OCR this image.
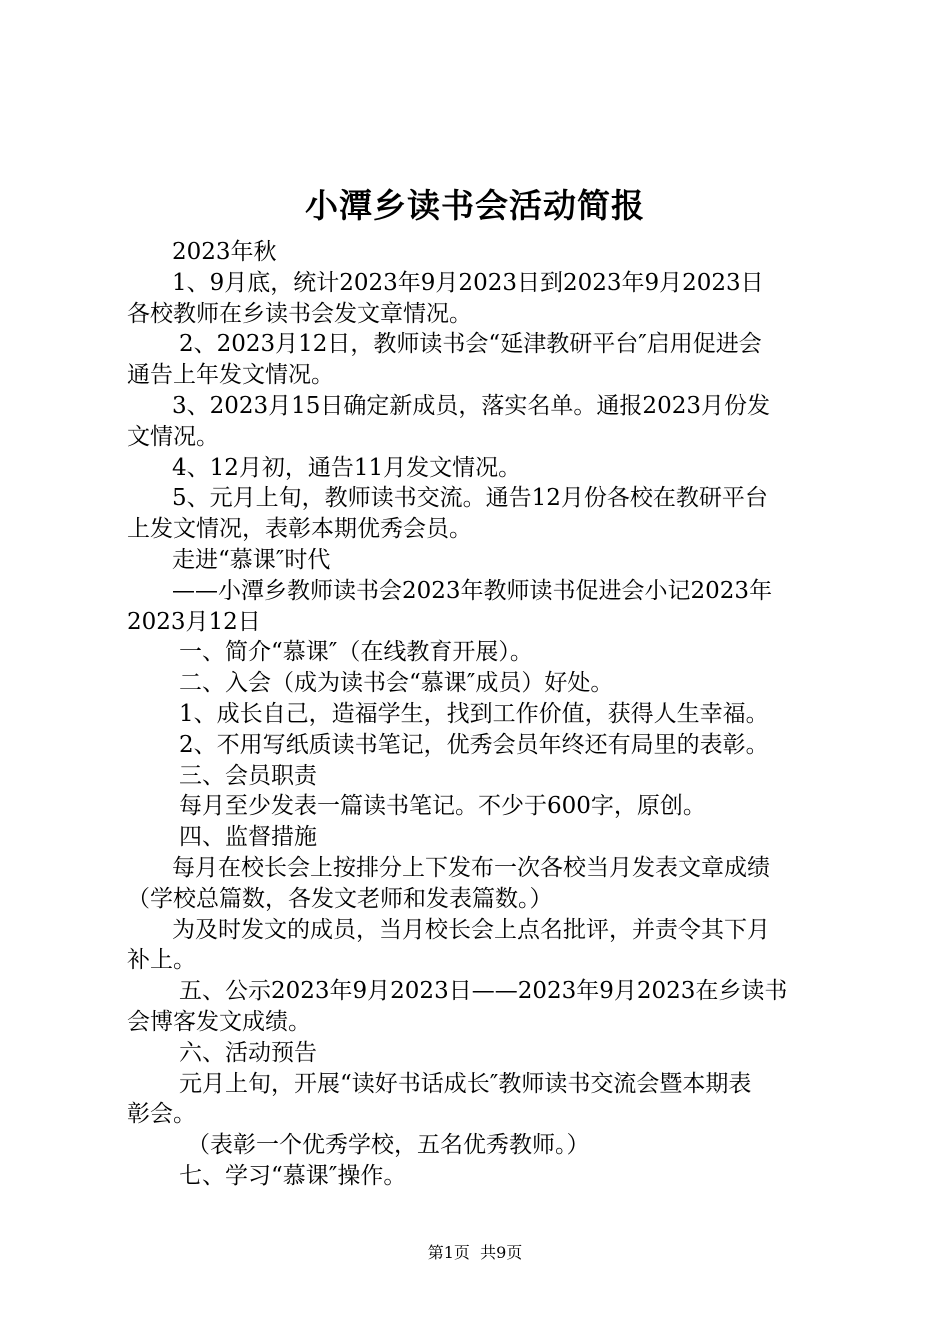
小潭乡读书会活动简报

2023年秋

1、9月底，统计2023年9月2023日到2023年9月2023日

各校教师在乡读书会发文章情况。

2、2023月12日，教师读书会“延津教研平台″启用促进会

通告上年发文情况。

3、2023月15日确定新成员，落实名单。通报2023月份发

文情况。

4、12月初，通告11月发文情况。

5、元月上旬，教师读书交流。通告12月份各校在教研平台

上发文情况，表彰本期优秀会员。

走进“慕课″时代

——小潭乡教师读书会2023年教师读书促进会小记2023年

2023月12日

一、简介“慕课″（在线教育开展）。

二、入会（成为读书会“慕课″成员）好处。

1、成长自己，造福学生，找到工作价值，获得人生幸福。

2、不用写纸质读书笔记，优秀会员年终还有局里的表彰。

三、会员职责

每月至少发表一篇读书笔记。不少于600字，原创。

四、监督措施

每月在校长会上按排分上下发布一次各校当月发表文章成绩

（学校总篇数，各发文老师和发表篇数。）

为及时发文的成员，当月校长会上点名批评，并责令其下月

补上。

五、公示2023年9月2023日——2023年9月2023在乡读书

会博客发文成绩。

六、活动预告

元月上旬，开展“读好书话成长″教师读书交流会暨本期表

彰会。

（表彰一个优秀学校，五名优秀教师。）

七、学习“慕课″操作。

第1页 共9页
